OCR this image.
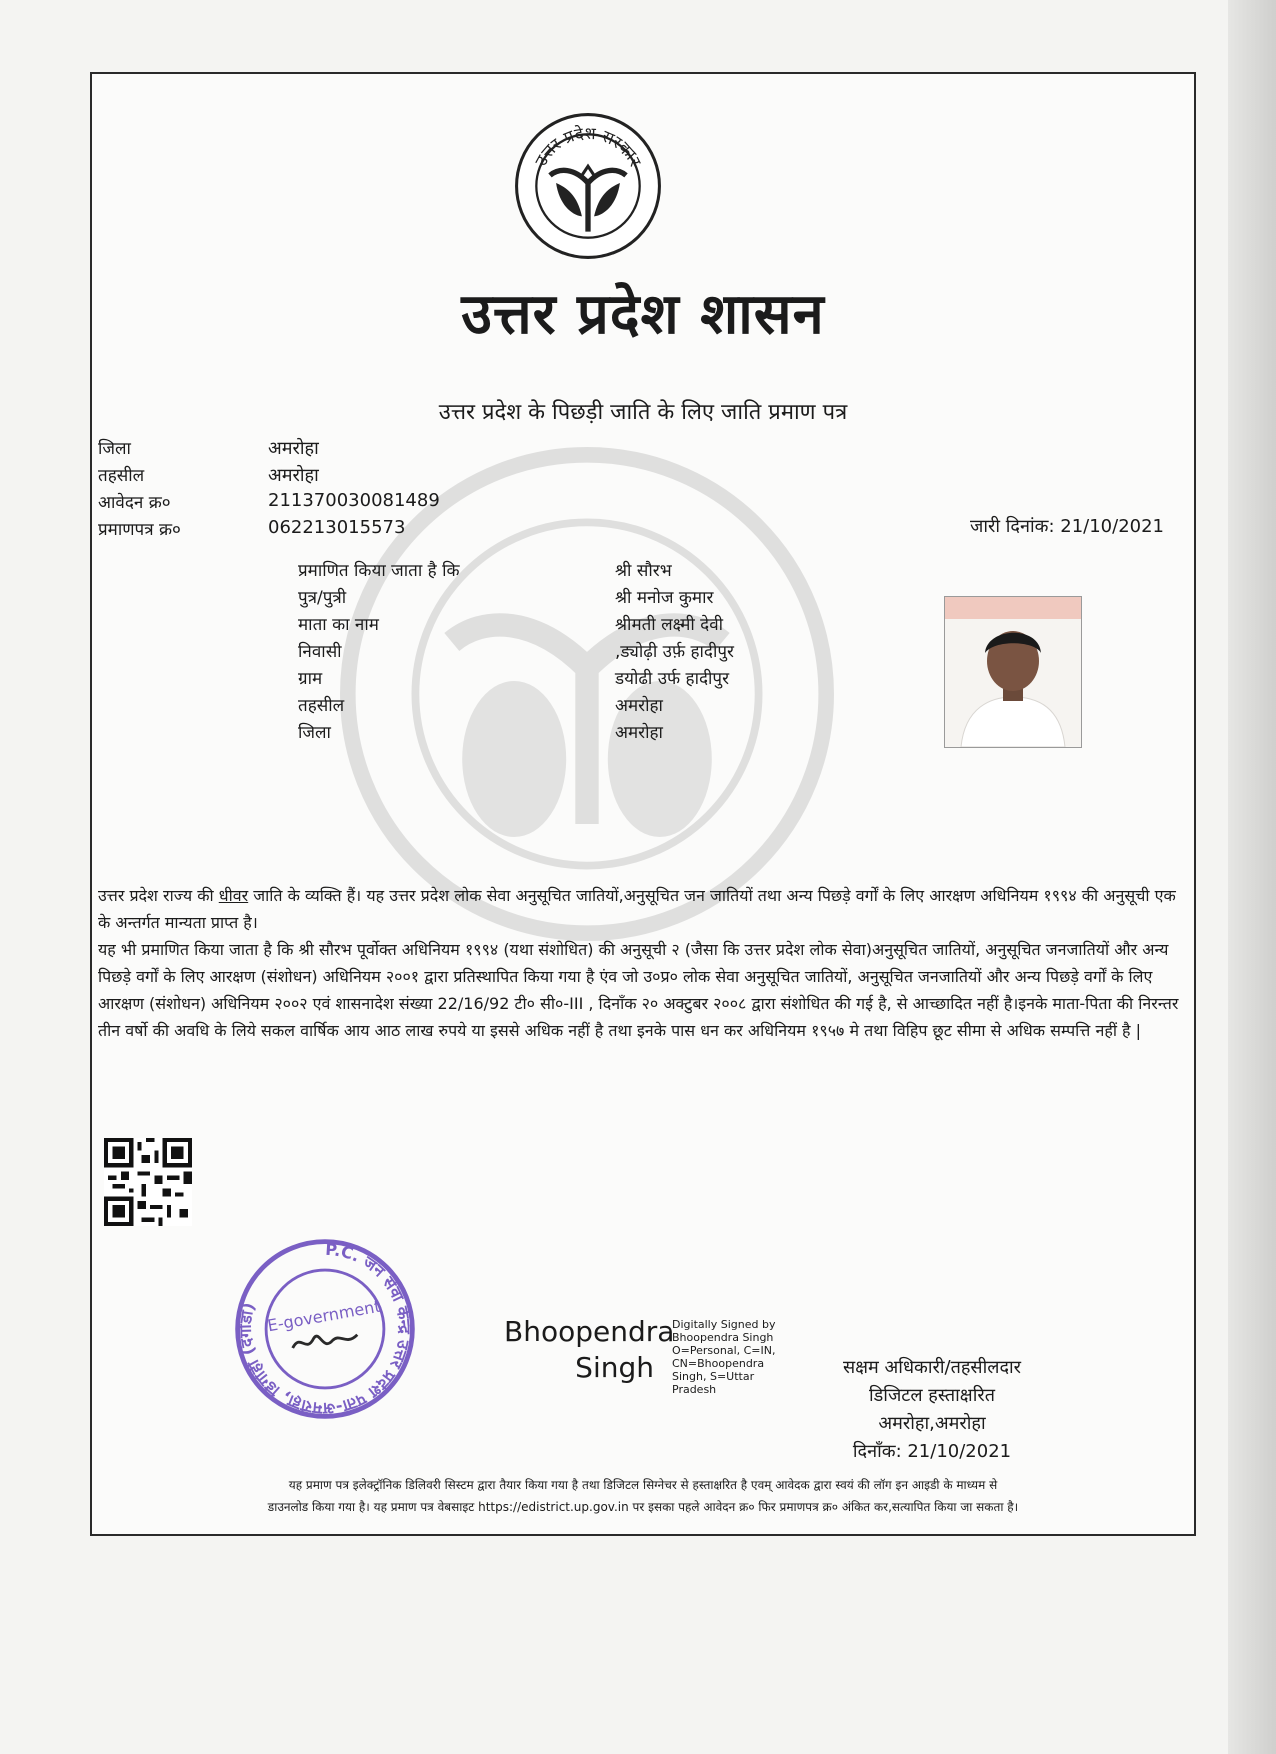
उत्तर प्रदेश सरकार
उत्तर प्रदेश शासन
उत्तर प्रदेश के पिछड़ी जाति के लिए जाति प्रमाण पत्र
जिला	अमरोहा
तहसील	अमरोहा
आवेदन क्र०	211370030081489
प्रमाणपत्र क्र०	062213015573	जारी दिनांक: 21/10/2021
प्रमाणित किया जाता है कि	श्री सौरभ
पुत्र/पुत्री	श्री मनोज कुमार
माता का नाम	श्रीमती लक्ष्मी देवी
निवासी	,ड्योढ़ी उर्फ़ हादीपुर
ग्राम	डयोढी उर्फ हादीपुर
तहसील	अमरोहा
जिला	अमरोहा

उत्तर प्रदेश राज्य की धीवर जाति के व्यक्ति हैं। यह उत्तर प्रदेश लोक सेवा अनुसूचित जातियों,अनुसूचित जन जातियों तथा अन्य पिछड़े वर्गों के लिए आरक्षण अधिनियम १९९४ की अनुसूची एक के अन्तर्गत मान्यता प्राप्त है।

यह भी प्रमाणित किया जाता है कि श्री सौरभ पूर्वोक्त अधिनियम १९९४ (यथा संशोधित) की अनुसूची २ (जैसा कि उत्तर प्रदेश लोक सेवा)अनुसूचित जातियों, अनुसूचित जनजातियों और अन्य पिछड़े वर्गों के लिए आरक्षण (संशोधन) अधिनियम २००१ द्वारा प्रतिस्थापित किया गया है एंव जो उ०प्र० लोक सेवा अनुसूचित जातियों, अनुसूचित जनजातियों और अन्य पिछड़े वर्गों के लिए आरक्षण (संशोधन) अधिनियम २००२ एवं शासनादेश संख्या 22/16/92 टी० सी०-III , दिनाँक २० अक्टुबर २००८ द्वारा संशोधित की गई है, से आच्छादित नहीं है।इनके माता-पिता की निरन्तर तीन वर्षो की अवधि के लिये सकल वार्षिक आय आठ लाख रुपये या इससे अधिक नहीं है तथा इनके पास धन कर अधिनियम १९५७ मे तथा विहिप छूट सीमा से अधिक सम्पत्ति नहीं है |

P.C. जन सेवा केन्द्र उत्तर प्रदेश पता-अमरोहा, डिंगोही (दगोडा) E-government	Bhoopendra
Singh
Digitally Signed by
Bhoopendra Singh
O=Personal, C=IN,
CN=Bhoopendra
Singh, S=Uttar
Pradesh
सक्षम अधिकारी/तहसीलदार
डिजिटल हस्ताक्षरित
अमरोहा,अमरोहा
दिनाँक: 21/10/2021
यह प्रमाण पत्र इलेक्ट्रॉनिक डिलिवरी सिस्टम द्वारा तैयार किया गया है तथा डिजिटल सिग्नेचर से हस्ताक्षरित है एवम् आवेदक द्वारा स्वयं की लॉग इन आइडी के माध्यम से
डाउनलोड किया गया है। यह प्रमाण पत्र वेबसाइट https://edistrict.up.gov.in पर इसका पहले आवेदन क्र० फिर प्रमाणपत्र क्र० अंकित कर,सत्यापित किया जा सकता है।
